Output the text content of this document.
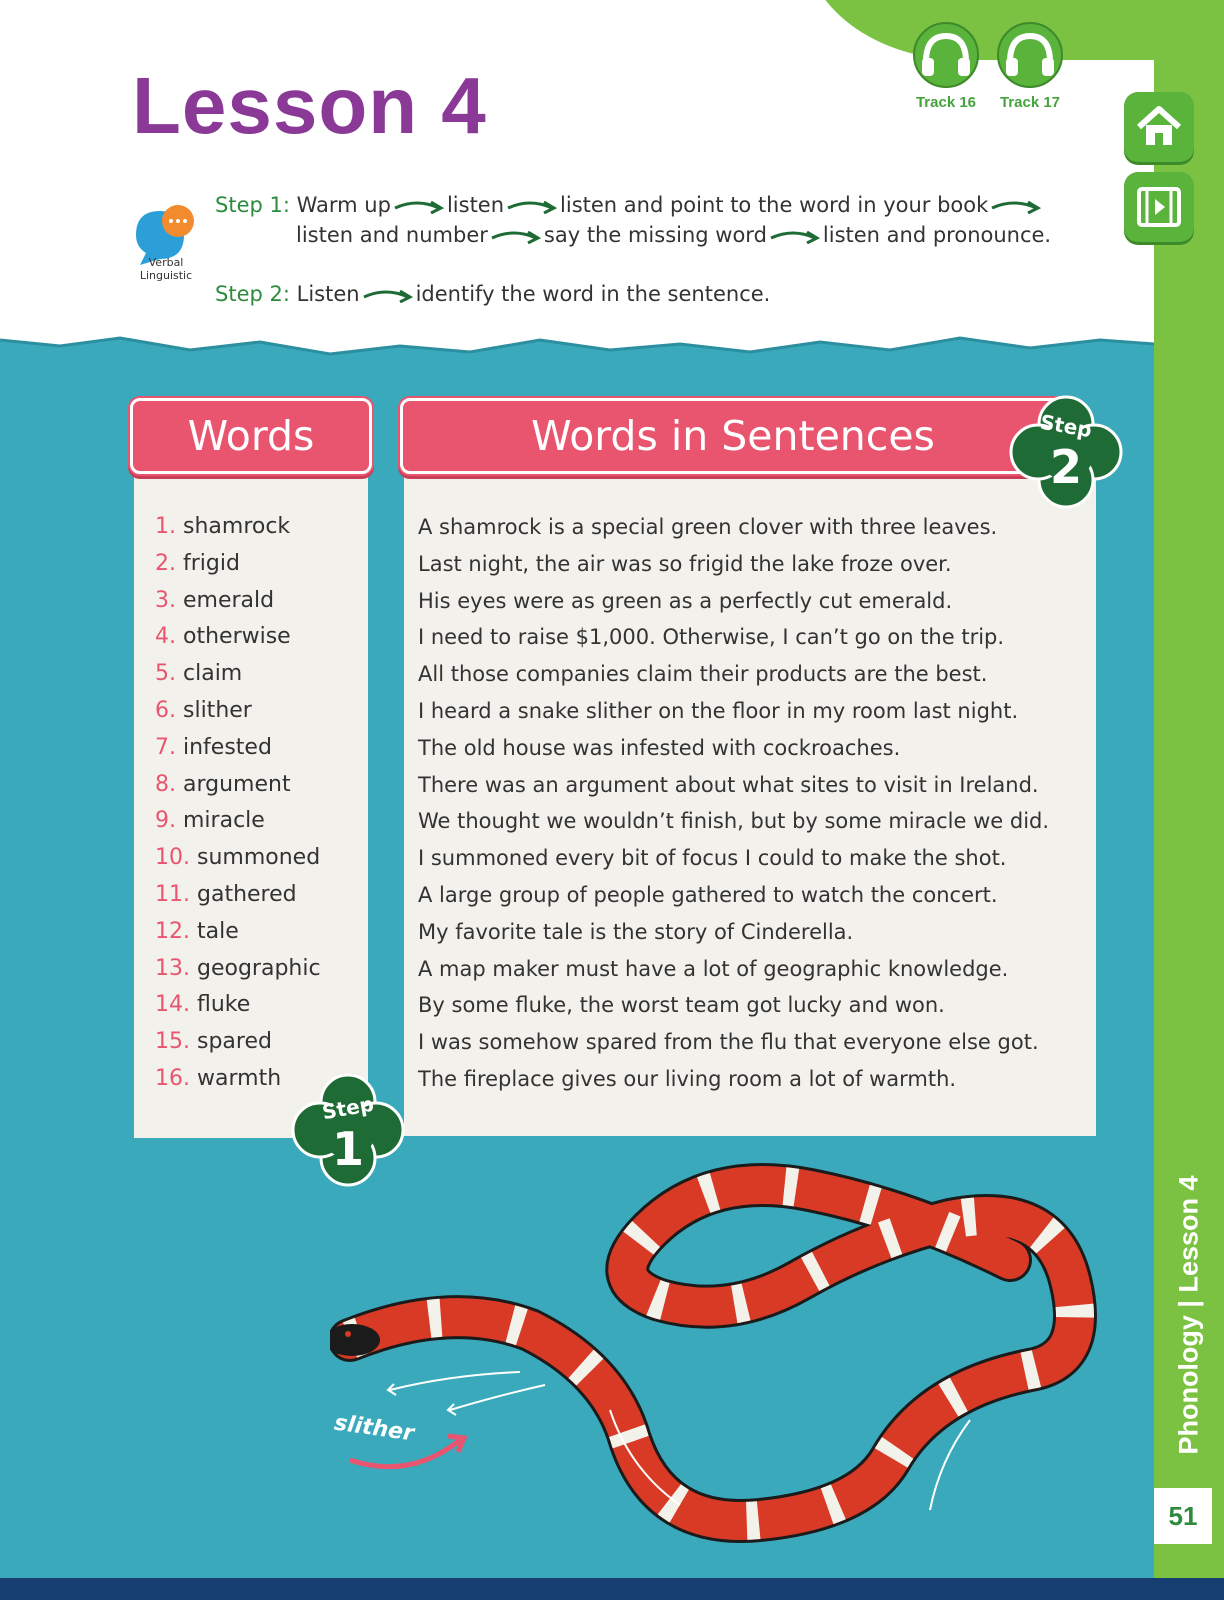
Lesson 4	Track 16	Track 17
Verbal Linguistic
Step 1: Warm up	listen	listen and point to the word in your book
listen and number	say the missing word	listen and pronounce.
Step 2: Listen	identify the word in the sentence.
Words
1. shamrock
2. frigid
3. emerald
4. otherwise
5. claim
6. slither
7. infested
8. argument
9. miracle
10. summoned
11. gathered
12. tale
13. geographic
14. fluke
15. spared
16. warmth
Words in Sentences
A shamrock is a special green clover with three leaves.
Last night, the air was so frigid the lake froze over.
His eyes were as green as a perfectly cut emerald.
I need to raise $1,000. Otherwise, I can’t go on the trip.
All those companies claim their products are the best.
I heard a snake slither on the floor in my room last night.
The old house was infested with cockroaches.
There was an argument about what sites to visit in Ireland.
We thought we wouldn’t finish, but by some miracle we did.
I summoned every bit of focus I could to make the shot.
A large group of people gathered to watch the concert.
My favorite tale is the story of Cinderella.
A map maker must have a lot of geographic knowledge.
By some fluke, the worst team got lucky and won.
I was somehow spared from the flu that everyone else got.
The fireplace gives our living room a lot of warmth.
Step
2
Step
1
slither	Phonology | Lesson 4
51
